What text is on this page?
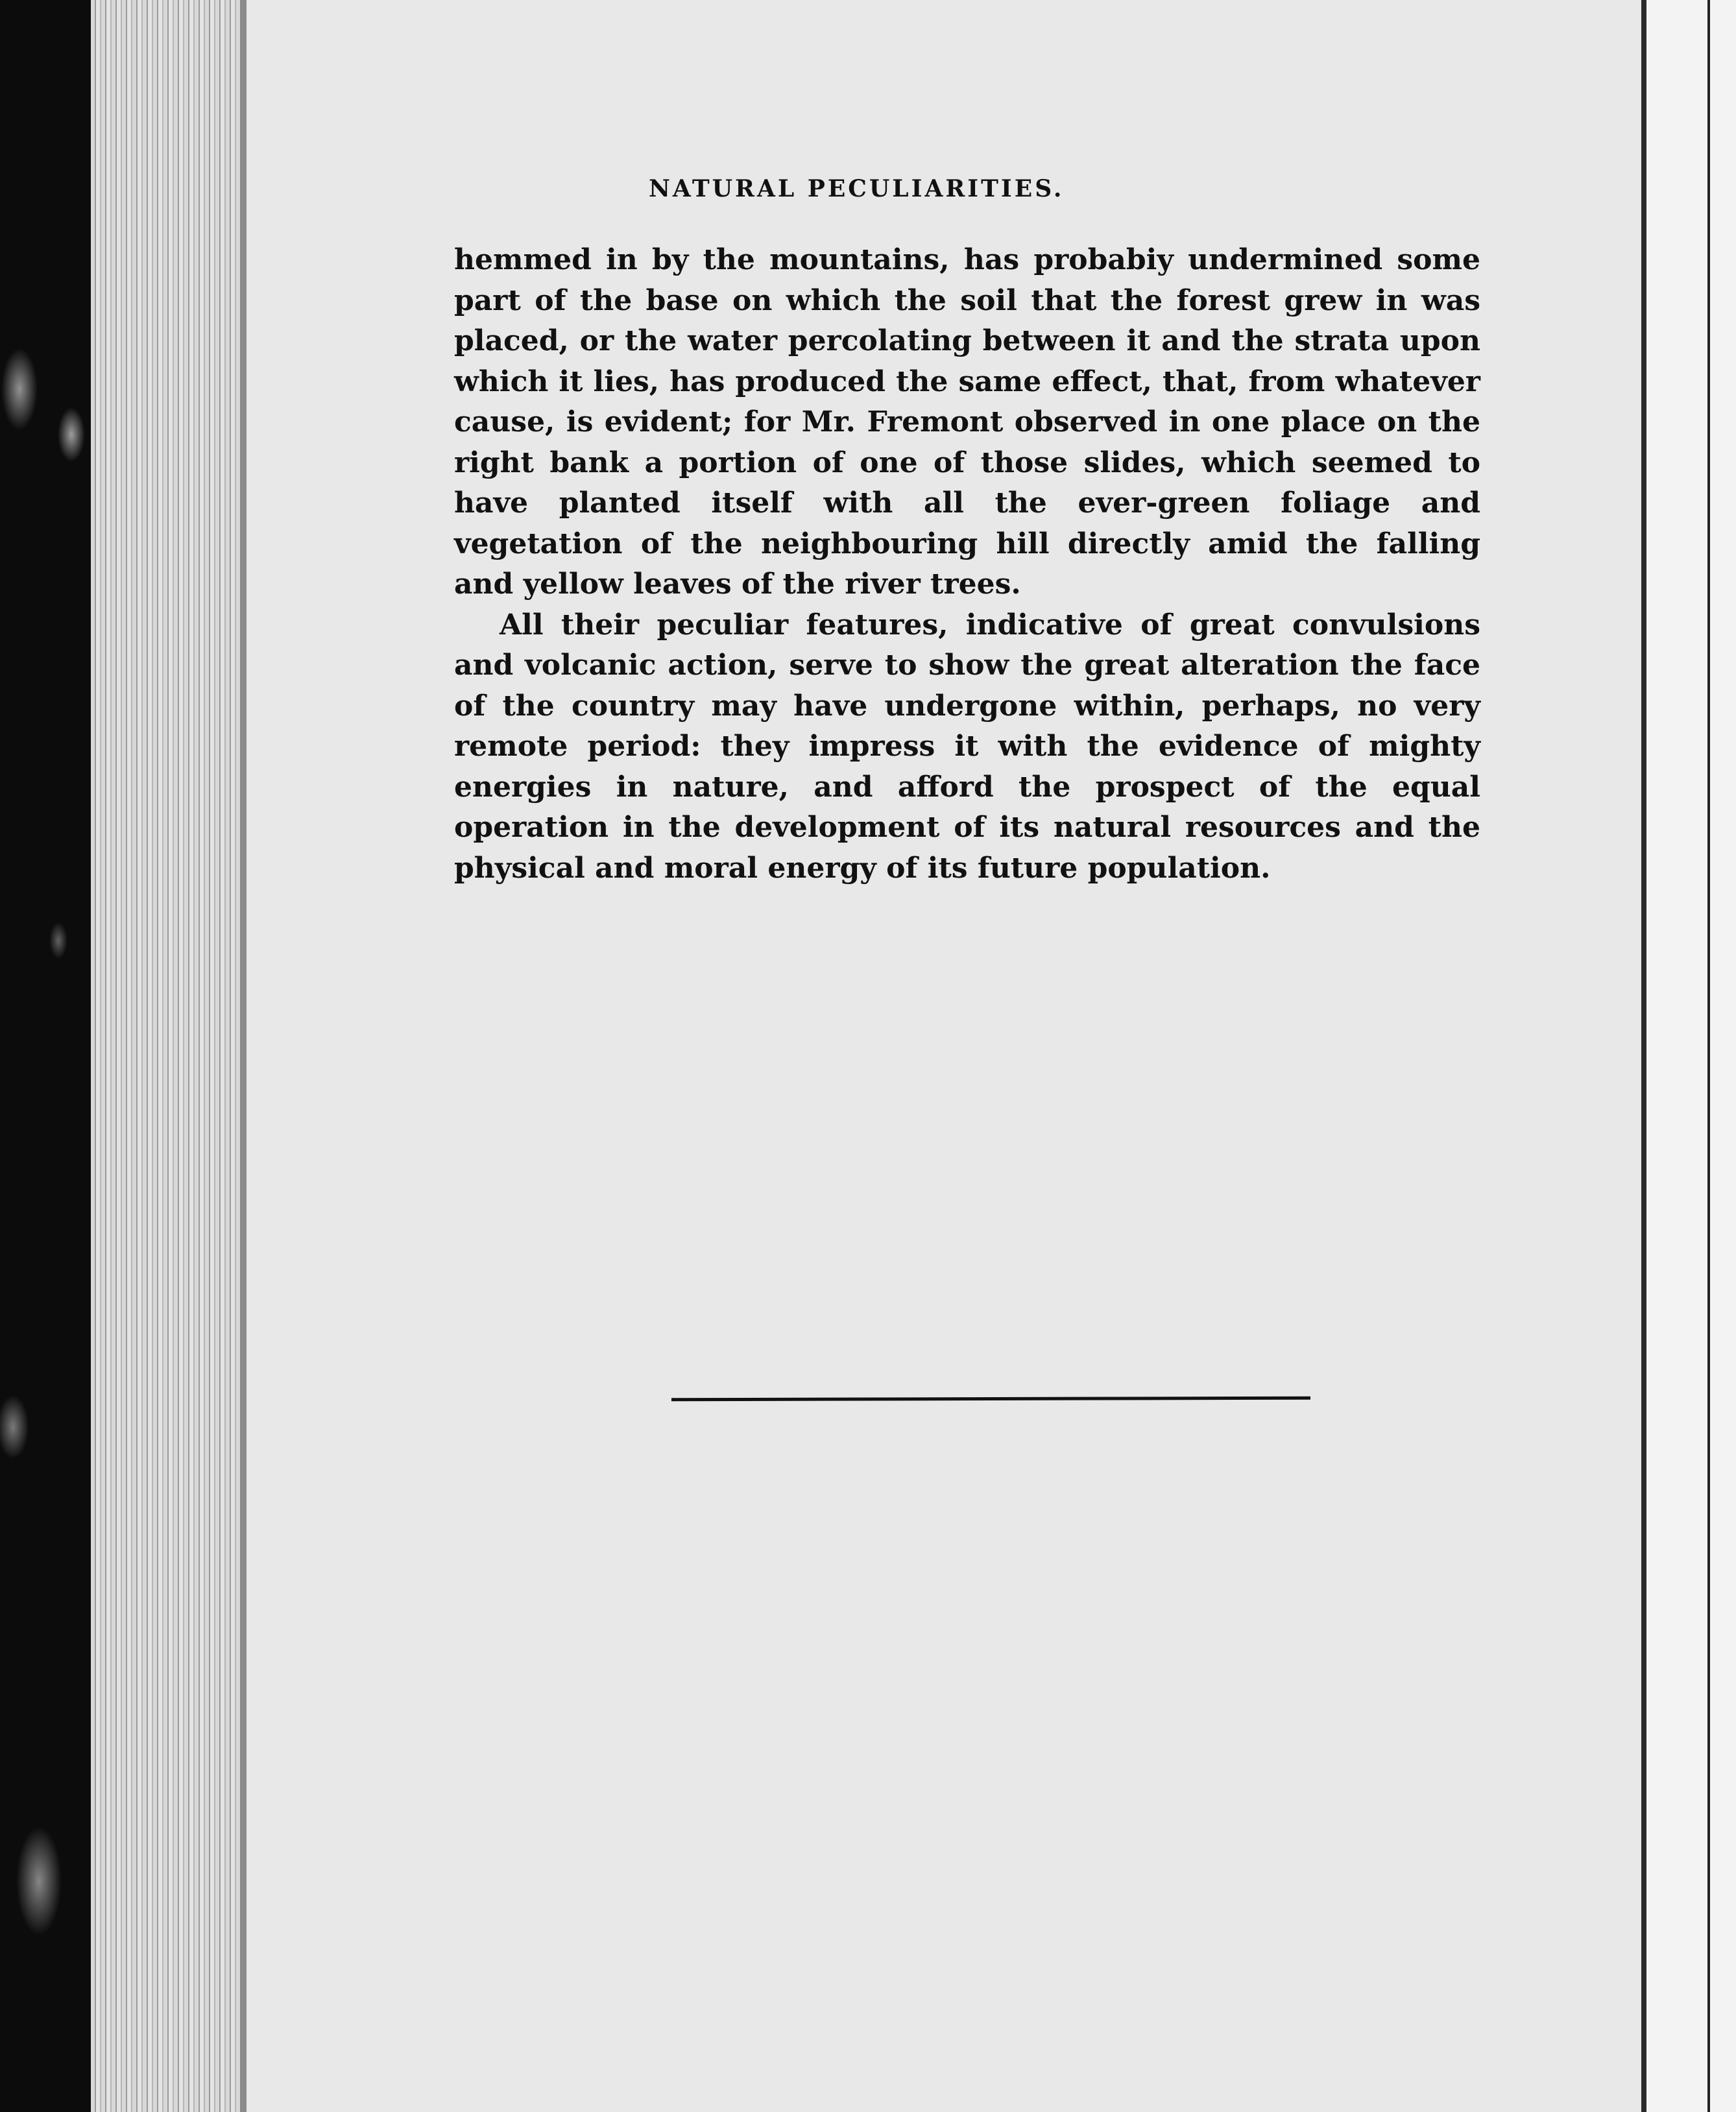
NATURAL PECULIARITIES.

hemmed in by the mountains, has probabiy undermined some part of the base on which the soil that the forest grew in was placed, or the water percolating between it and the strata upon which it lies, has produced the same effect, that, from whatever cause, is evident; for Mr. Fremont observed in one place on the right bank a portion of one of those slides, which seemed to have planted itself with all the ever-green foliage and vegetation of the neighbouring hill directly amid the falling and yellow leaves of the river trees.

All their peculiar features, indicative of great convulsions and volcanic action, serve to show the great alteration the face of the country may have undergone within, perhaps, no very remote period: they impress it with the evidence of mighty energies in nature, and afford the prospect of the equal operation in the development of its natural resources and the physical and moral energy of its future population.
